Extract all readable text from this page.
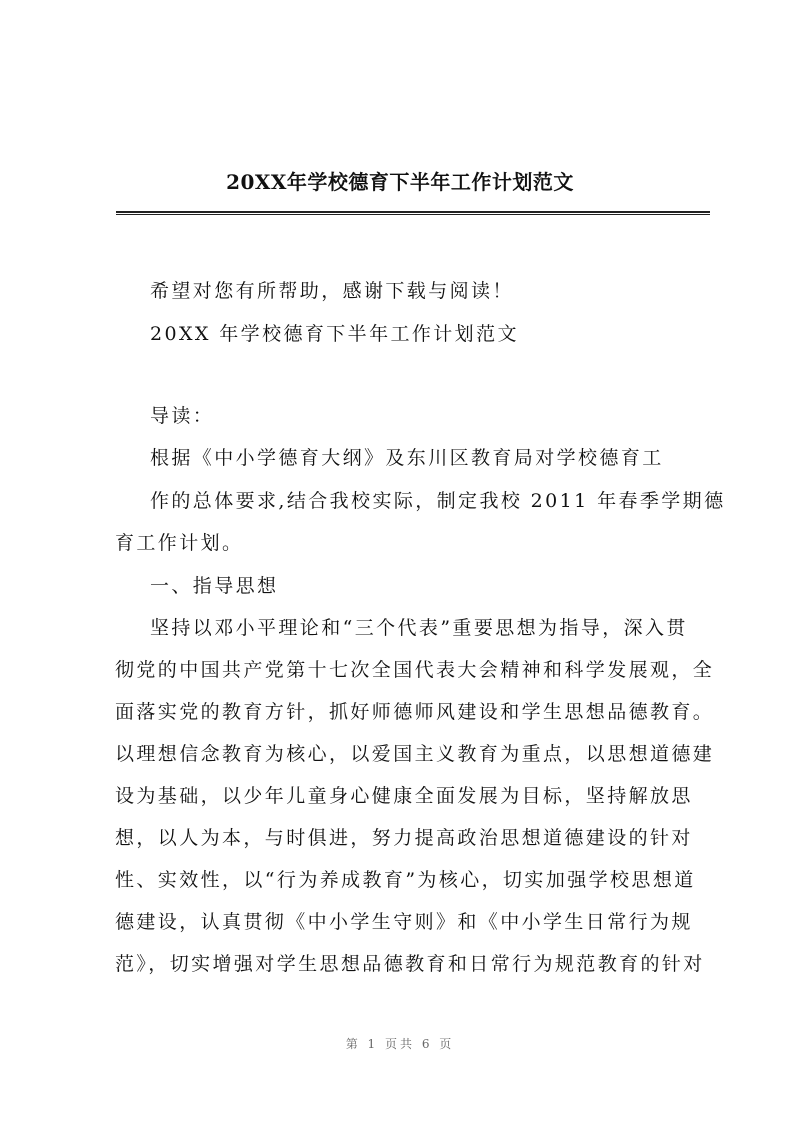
20XX年学校德育下半年工作计划范文
希望对您有所帮助，感谢下载与阅读！
20XX 年学校德育下半年工作计划范文
导读：
根据《中小学德育大纲》及东川区教育局对学校德育工
作的总体要求,结合我校实际，制定我校 2011 年春季学期德
育工作计划。
一、指导思想
坚持以邓小平理论和“三个代表”重要思想为指导，深入贯
彻党的中国共产党第十七次全国代表大会精神和科学发展观，全
面落实党的教育方针，抓好师德师风建设和学生思想品德教育。
以理想信念教育为核心，以爱国主义教育为重点，以思想道德建
设为基础，以少年儿童身心健康全面发展为目标，坚持解放思
想，以人为本，与时俱进，努力提高政治思想道德建设的针对
性、实效性，以“行为养成教育”为核心，切实加强学校思想道
德建设，认真贯彻《中小学生守则》和《中小学生日常行为规
范》，切实增强对学生思想品德教育和日常行为规范教育的针对
第 1 页共 6 页
